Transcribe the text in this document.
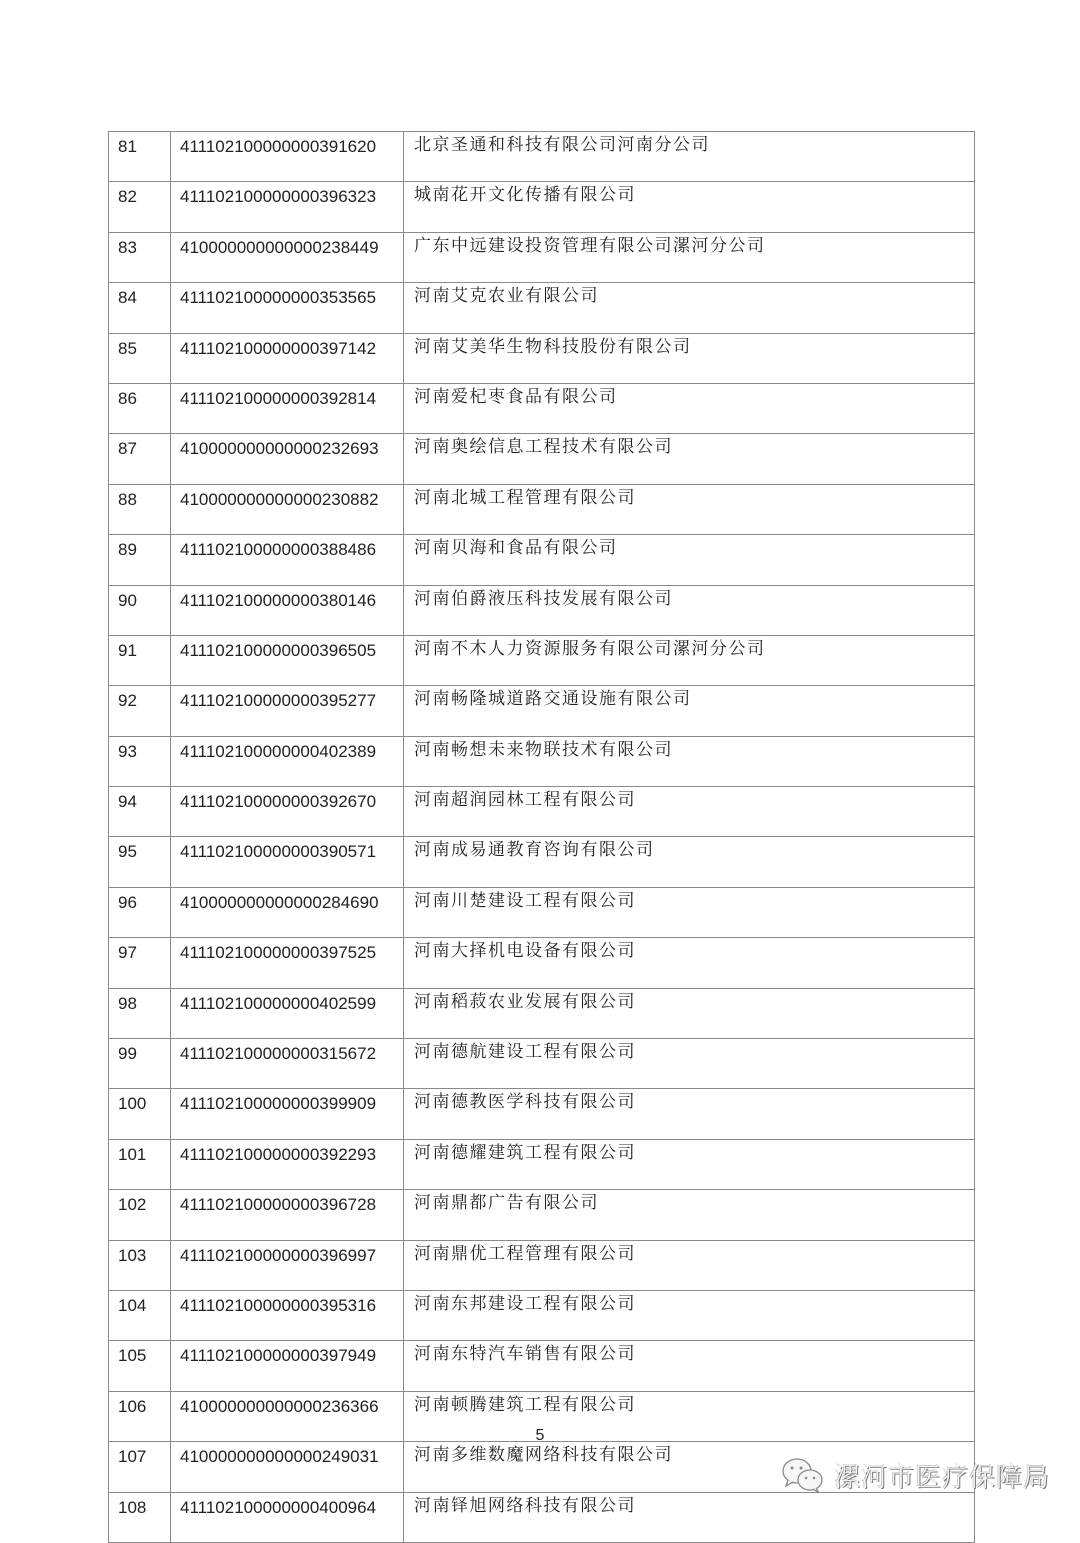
81	411102100000000391620	北京圣通和科技有限公司河南分公司
82	411102100000000396323	城南花开文化传播有限公司
83	410000000000000238449	广东中远建设投资管理有限公司漯河分公司
84	411102100000000353565	河南艾克农业有限公司
85	411102100000000397142	河南艾美华生物科技股份有限公司
86	411102100000000392814	河南爱杞枣食品有限公司
87	410000000000000232693	河南奥绘信息工程技术有限公司
88	410000000000000230882	河南北城工程管理有限公司
89	411102100000000388486	河南贝海和食品有限公司
90	411102100000000380146	河南伯爵液压科技发展有限公司
91	411102100000000396505	河南不木人力资源服务有限公司漯河分公司
92	411102100000000395277	河南畅隆城道路交通设施有限公司
93	411102100000000402389	河南畅想未来物联技术有限公司
94	411102100000000392670	河南超润园林工程有限公司
95	411102100000000390571	河南成易通教育咨询有限公司
96	410000000000000284690	河南川楚建设工程有限公司
97	411102100000000397525	河南大择机电设备有限公司
98	411102100000000402599	河南稻菽农业发展有限公司
99	411102100000000315672	河南德航建设工程有限公司
100	411102100000000399909	河南德教医学科技有限公司
101	411102100000000392293	河南德耀建筑工程有限公司
102	411102100000000396728	河南鼎都广告有限公司
103	411102100000000396997	河南鼎优工程管理有限公司
104	411102100000000395316	河南东邦建设工程有限公司
105	411102100000000397949	河南东特汽车销售有限公司
106	410000000000000236366	河南顿腾建筑工程有限公司
107	410000000000000249031	河南多维数魔网络科技有限公司
108	411102100000000400964	河南铎旭网络科技有限公司
5
漯河市医疗保障局
